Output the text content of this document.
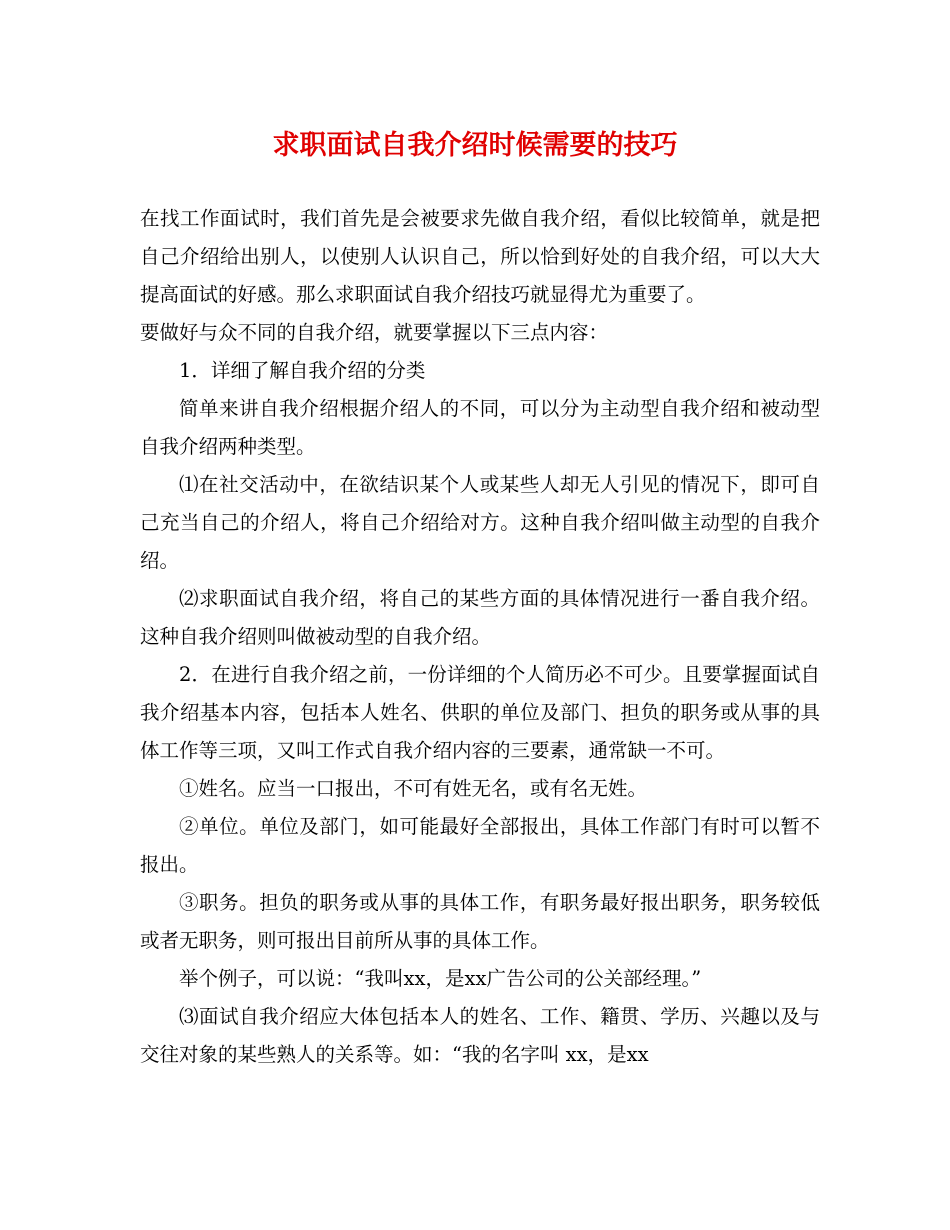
求职面试自我介绍时候需要的技巧

在找工作面试时，我们首先是会被要求先做自我介绍，看似比较简单，就是把自己介绍给出别人，以使别人认识自己，所以恰到好处的自我介绍，可以大大提高面试的好感。那么求职面试自我介绍技巧就显得尤为重要了。

要做好与众不同的自我介绍，就要掌握以下三点内容：

1．详细了解自我介绍的分类

简单来讲自我介绍根据介绍人的不同，可以分为主动型自我介绍和被动型自我介绍两种类型。

⑴在社交活动中，在欲结识某个人或某些人却无人引见的情况下，即可自己充当自己的介绍人，将自己介绍给对方。这种自我介绍叫做主动型的自我介绍。

⑵求职面试自我介绍，将自己的某些方面的具体情况进行一番自我介绍。这种自我介绍则叫做被动型的自我介绍。

2．在进行自我介绍之前，一份详细的个人简历必不可少。且要掌握面试自我介绍基本内容，包括本人姓名、供职的单位及部门、担负的职务或从事的具体工作等三项，又叫工作式自我介绍内容的三要素，通常缺一不可。

①姓名。应当一口报出，不可有姓无名，或有名无姓。

②单位。单位及部门，如可能最好全部报出，具体工作部门有时可以暂不报出。

③职务。担负的职务或从事的具体工作，有职务最好报出职务，职务较低或者无职务，则可报出目前所从事的具体工作。

举个例子，可以说：“我叫xx，是xx广告公司的公关部经理。”

⑶面试自我介绍应大体包括本人的姓名、工作、籍贯、学历、兴趣以及与交往对象的某些熟人的关系等。如：“我的名字叫 xx，是xx
